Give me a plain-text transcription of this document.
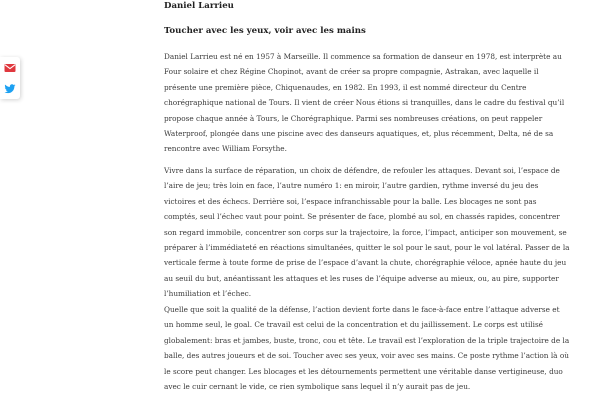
Daniel Larrieu
Toucher avec les yeux, voir avec les mains
Daniel Larrieu est né en 1957 à Marseille. Il commence sa formation de danseur en 1978, est interprète au
Four solaire et chez Régine Chopinot, avant de créer sa propre compagnie, Astrakan, avec laquelle il
présente une première pièce, Chiquenaudes, en 1982. En 1993, il est nommé directeur du Centre
chorégraphique national de Tours. Il vient de créer Nous étions si tranquilles, dans le cadre du festival qu’il
propose chaque année à Tours, le Chorégraphique. Parmi ses nombreuses créations, on peut rappeler
Waterproof, plongée dans une piscine avec des danseurs aquatiques, et, plus récemment, Delta, né de sa
rencontre avec William Forsythe.
Vivre dans la surface de réparation, un choix de défendre, de refouler les attaques. Devant soi, l’espace de
l’aire de jeu; très loin en face, l’autre numéro 1: en miroir, l’autre gardien, rythme inversé du jeu des
victoires et des échecs. Derrière soi, l’espace infranchissable pour la balle. Les blocages ne sont pas
comptés, seul l’échec vaut pour point. Se présenter de face, plombé au sol, en chassés rapides, concentrer
son regard immobile, concentrer son corps sur la trajectoire, la force, l’impact, anticiper son mouvement, se
préparer à l’immédiateté en réactions simultanées, quitter le sol pour le saut, pour le vol latéral. Passer de la
verticale ferme à toute forme de prise de l’espace d’avant la chute, chorégraphie véloce, apnée haute du jeu
au seuil du but, anéantissant les attaques et les ruses de l’équipe adverse au mieux, ou, au pire, supporter
l’humiliation et l’échec.
Quelle que soit la qualité de la défense, l’action devient forte dans le face-à-face entre l’attaque adverse et
un homme seul, le goal. Ce travail est celui de la concentration et du jaillissement. Le corps est utilisé
globalement: bras et jambes, buste, tronc, cou et tête. Le travail est l’exploration de la triple trajectoire de la
balle, des autres joueurs et de soi. Toucher avec ses yeux, voir avec ses mains. Ce poste rythme l’action là où
le score peut changer. Les blocages et les détournements permettent une véritable danse vertigineuse, duo
avec le cuir cernant le vide, ce rien symbolique sans lequel il n’y aurait pas de jeu.
